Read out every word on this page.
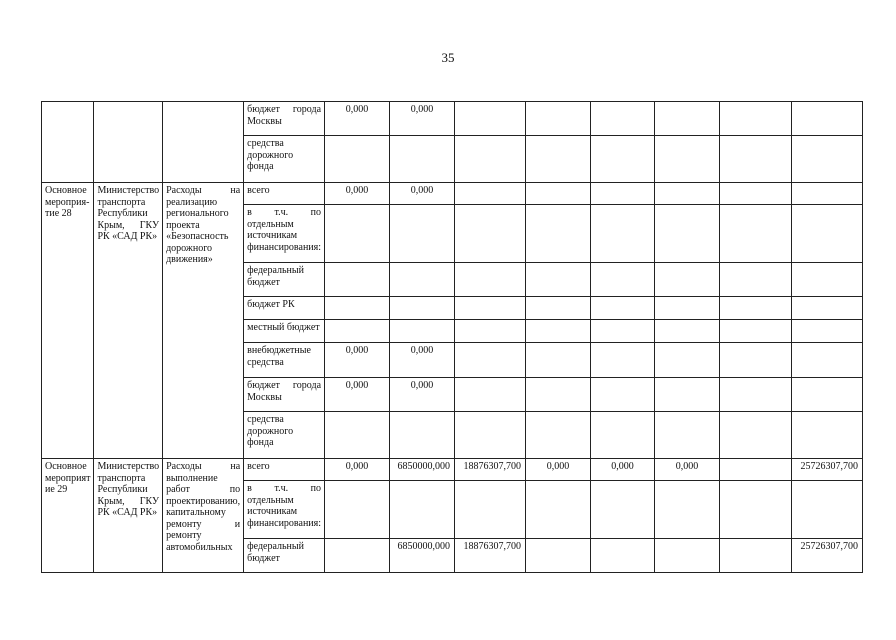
35
			бюджет города Москвы	0,000	0,000						
			средства дорожного фонда								
Основное мероприя-тие 28	Министерство транспорта Республики Крым, ГКУ РК «САД РК»	Расходы на реализацию регионального проекта «Безопасность дорожного движения»	всего	0,000	0,000						
			в т.ч. по отдельным источникам финансирования:								
			федеральный бюджет								
			бюджет РК								
			местный бюджет								
			внебюджетные средства	0,000	0,000						
			бюджет города Москвы	0,000	0,000						
			средства дорожного фонда								
Основное мероприят ие 29	Министерство транспорта Республики Крым, ГКУ РК «САД РК»	Расходы на выполнение работ по проектированию, капитальному ремонту и ремонту автомобильных	всего	0,000	6850000,000	18876307,700	0,000	0,000	0,000		25726307,700
			в т.ч. по отдельным источникам финансирования:								
			федеральный бюджет		6850000,000	18876307,700					25726307,700
